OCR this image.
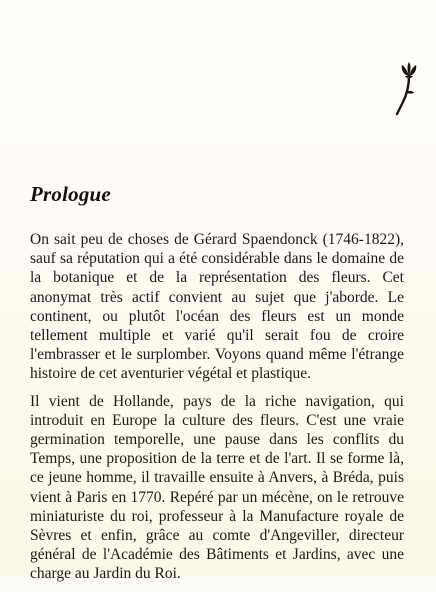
Prologue

On sait peu de choses de Gérard Spaendonck (1746-1822), sauf sa réputation qui a été considérable dans le domaine de la botanique et de la représentation des fleurs. Cet anonymat très actif convient au sujet que j'aborde. Le continent, ou plutôt l'océan des fleurs est un monde tellement multiple et varié qu'il serait fou de croire l'embrasser et le surplomber. Voyons quand même l'étrange histoire de cet aventurier végétal et plastique.

Il vient de Hollande, pays de la riche navigation, qui introduit en Europe la culture des fleurs. C'est une vraie germination temporelle, une pause dans les conflits du Temps, une proposition de la terre et de l'art. Il se forme là, ce jeune homme, il travaille ensuite à Anvers, à Bréda, puis vient à Paris en 1770. Repéré par un mécène, on le retrouve miniaturiste du roi, professeur à la Manufacture royale de Sèvres et enfin, grâce au comte d'Angeviller, directeur général de l'Académie des Bâtiments et Jardins, avec une charge au Jardin du Roi.
